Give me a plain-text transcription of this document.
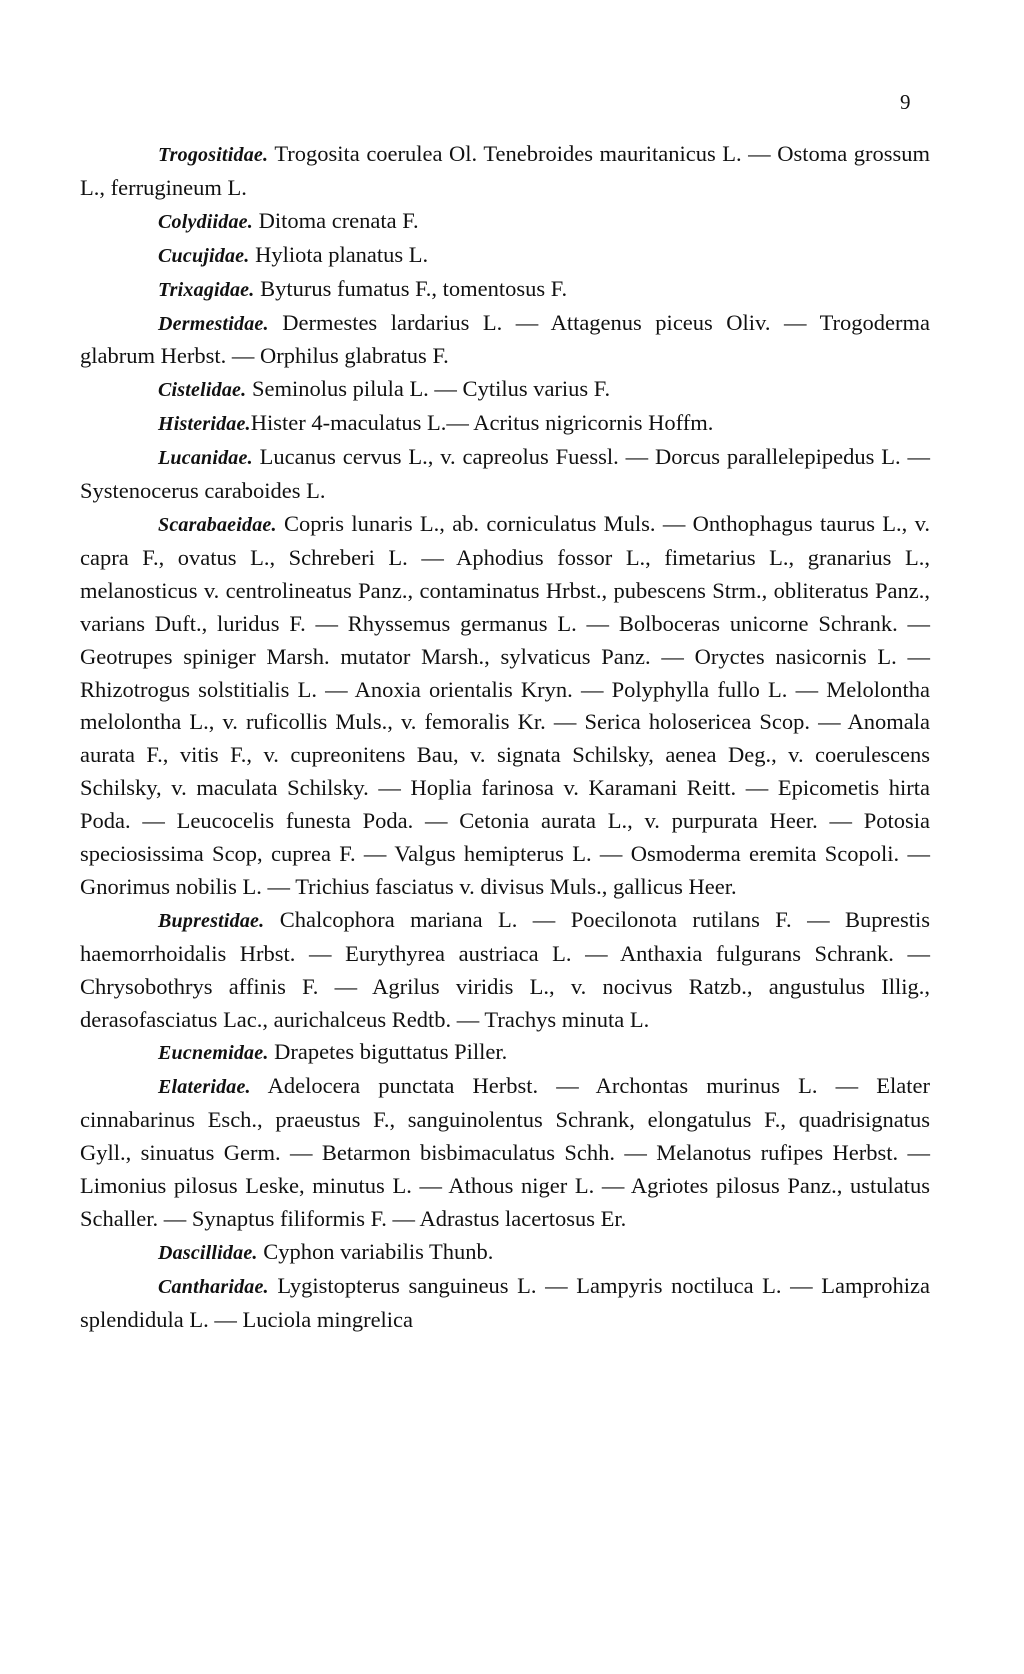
9

Trogositidae. Trogosita coerulea Ol. Tenebroides mauritanicus L. — Ostoma grossum L., ferrugineum L.

Colydiidae. Ditoma crenata F.

Cucujidae. Hyliota planatus L.

Trixagidae. Byturus fumatus F., tomentosus F.

Dermestidae. Dermestes lardarius L. — Attagenus piceus Oliv. — Trogoderma glabrum Herbst. — Orphilus glabratus F.

Cistelidae. Seminolus pilula L. — Cytilus varius F.

Histeridae.Hister 4-maculatus L.— Acritus nigricornis Hoffm.

Lucanidae. Lucanus cervus L., v. capreolus Fuessl. — Dorcus parallelepipedus L. — Systenocerus caraboides L.

Scarabaeidae. Copris lunaris L., ab. corniculatus Muls. — Onthophagus taurus L., v. capra F., ovatus L., Schreberi L. — Aphodius fossor L., fimetarius L., granarius L., melanosticus v. centrolineatus Panz., contaminatus Hrbst., pubescens Strm., obliteratus Panz., varians Duft., luridus F. — Rhyssemus germanus L. — Bolboceras unicorne Schrank. — Geotrupes spiniger Marsh. mutator Marsh., sylvaticus Panz. — Oryctes nasicornis L. — Rhizotrogus solstitialis L. — Anoxia orientalis Kryn. — Polyphylla fullo L. — Melolontha melolontha L., v. ruficollis Muls., v. femoralis Kr. — Serica holosericea Scop. — Anomala aurata F., vitis F., v. cupreonitens Bau, v. signata Schilsky, aenea Deg., v. coerulescens Schilsky, v. maculata Schilsky. — Hoplia farinosa v. Karamani Reitt. — Epicometis hirta Poda. — Leucocelis funesta Poda. — Cetonia aurata L., v. purpurata Heer. — Potosia speciosissima Scop, cuprea F. — Valgus hemipterus L. — Osmoderma eremita Scopoli. — Gnorimus nobilis L. — Trichius fasciatus v. divisus Muls., gallicus Heer.

Buprestidae. Chalcophora mariana L. — Poecilonota rutilans F. — Buprestis haemorrhoidalis Hrbst. — Eurythyrea austriaca L. — Anthaxia fulgurans Schrank. — Chrysobothrys affinis F. — Agrilus viridis L., v. nocivus Ratzb., angustulus Illig., derasofasciatus Lac., aurichalceus Redtb. — Trachys minuta L.

Eucnemidae. Drapetes biguttatus Piller.

Elateridae. Adelocera punctata Herbst. — Archontas murinus L. — Elater cinnabarinus Esch., praeustus F., sanguinolentus Schrank, elongatulus F., quadrisignatus Gyll., sinuatus Germ. — Betarmon bisbimaculatus Schh. — Melanotus rufipes Herbst. — Limonius pilosus Leske, minutus L. — Athous niger L. — Agriotes pilosus Panz., ustulatus Schaller. — Synaptus filiformis F. — Adrastus lacertosus Er.

Dascillidae. Cyphon variabilis Thunb.

Cantharidae. Lygistopterus sanguineus L. — Lampyris noctiluca L. — Lamprohiza splendidula L. — Luciola mingrelica
